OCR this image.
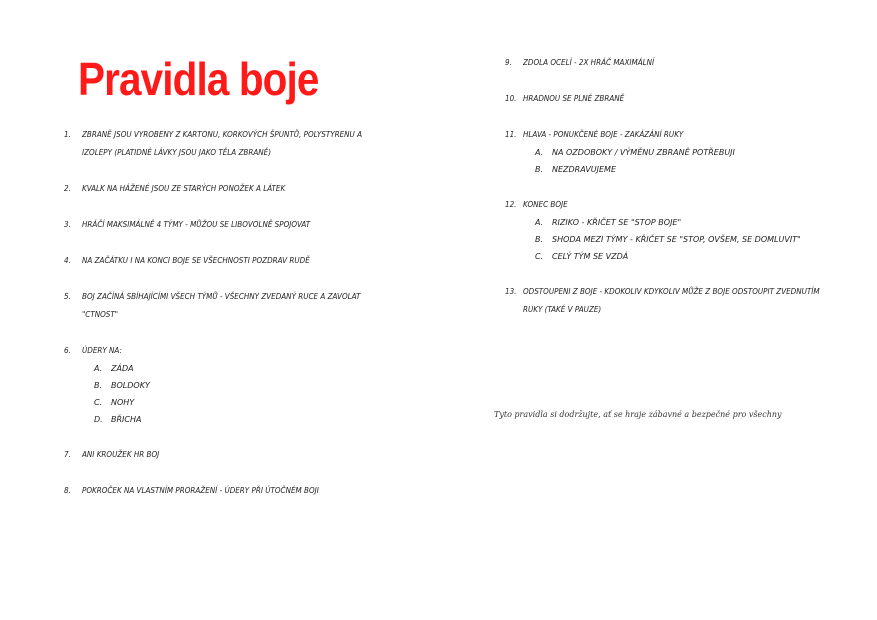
Pravidla boje
1.	ZBRANĚ JSOU VYROBENY Z KARTONU, KORKOVÝCH ŠPUNTŮ, POLYSTYRENU A IZOLEPY (PLATIDNÉ LÁVKY JSOU JAKO TĚLA ZBRANĚ)
2.	KVALK NA HÁŽENÉ JSOU ZE STARÝCH PONOŽEK A LÁTEK
3.	HRÁČÍ MAKSIMÁLNĚ 4 TÝMY - MŮŽOU SE LIBOVOLNĚ SPOJOVAT
4.	NA ZAČÁTKU I NA KONCI BOJE SE VŠECHNOSTI POZDRAV RUDĚ
5.	BOJ ZAČÍNÁ SBÍHAJÍCÍMI VŠECH TÝMŮ - VŠECHNY ZVEDANÝ RUCE A ZAVOLAT "CTNOST"
6.	ÚDERY NA:
A.	ZÁDA
B.	BOLDOKY
C.	NOHY
D.	BŘICHA
7.	ANI KROUŽEK HR BOJ
8.	POKROČEK NA VLASTNÍM PRORAŽENÍ - ÚDERY PŘI ÚTOČNÉM BOJI
9.	ZDOLA OCELÍ - 2X HRÁČ MAXIMÁLNÍ
10. HRADNOU SE PLNÉ ZBRANĚ
11. HLAVA - PONUKČENÉ BOJE - ZAKÁZÁNÍ RUKY
A.	NA OZDOBOKY / VÝMĚNU ZBRANĚ POTŘEBUJI
B.	NEZDRAVUJEME
12. KONEC BOJE
A.	RIZIKO - KŘIČET SE "STOP BOJE"
B.	SHODA MEZI TÝMY - KŘIČET SE "STOP, OVŠEM, SE DOMLUVIT"
C.	CELÝ TÝM SE VZDÁ
13. ODSTOUPENI Z BOJE - KDOKOLIV KDYKOLIV MŮŽE Z BOJE ODSTOUPIT ZVEDNUTÍM RUKY (TAKÉ V PAUZE)
Tyto pravidla si dodržujte, ať se hraje zábavné a bezpečné pro všechny
